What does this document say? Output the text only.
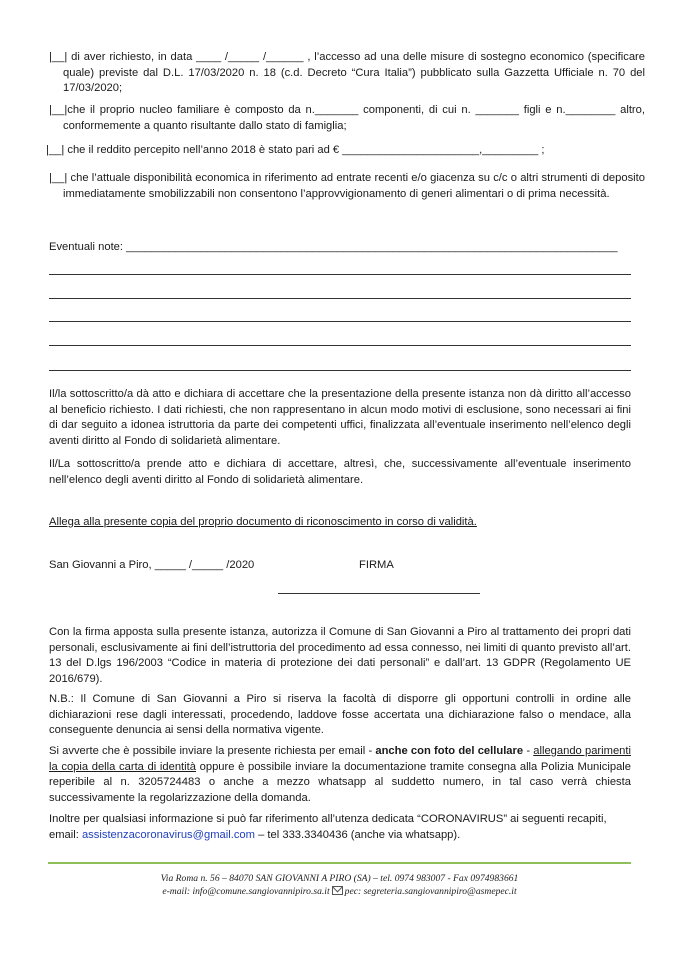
|__| di aver richiesto, in data ____ /_____ /______ , l’accesso ad una delle misure di sostegno economico (specificare quale) previste dal D.L. 17/03/2020 n. 18 (c.d. Decreto “Cura Italia”) pubblicato sulla Gazzetta Ufficiale n. 70 del 17/03/2020;
|__|che il proprio nucleo familiare è composto da n._______ componenti, di cui n. _______ figli e n.________ altro, conformemente a quanto risultante dallo stato di famiglia;
|__| che il reddito percepito nell’anno 2018 è stato pari ad € ______________________,_________ ;
|__| che l’attuale disponibilità economica in riferimento ad entrate recenti e/o giacenza su c/c o altri strumenti di deposito immediatamente smobilizzabili non consentono l’approvvigionamento di generi alimentari o di prima necessità.
Eventuali note: _______________________________________________________________________________
Il/la sottoscritto/a dà atto e dichiara di accettare che la presentazione della presente istanza non dà diritto all’accesso al beneficio richiesto. I dati richiesti, che non rappresentano in alcun modo motivi di esclusione, sono necessari ai fini di dar seguito a idonea istruttoria da parte dei competenti uffici, finalizzata all’eventuale inserimento nell’elenco degli aventi diritto al Fondo di solidarietà alimentare.
Il/La sottoscritto/a prende atto e dichiara di accettare, altresì, che, successivamente all’eventuale inserimento nell’elenco degli aventi diritto al Fondo di solidarietà alimentare.
Allega alla presente copia del proprio documento di riconoscimento in corso di validità.
San Giovanni a Piro, _____ /_____ /2020	FIRMA
Con la firma apposta sulla presente istanza, autorizza il Comune di San Giovanni a Piro al trattamento dei propri dati personali, esclusivamente ai fini dell’istruttoria del procedimento ad essa connesso, nei limiti di quanto previsto all’art. 13 del D.lgs 196/2003 “Codice in materia di protezione dei dati personali” e dall’art. 13 GDPR (Regolamento UE 2016/679).
N.B.: Il Comune di San Giovanni a Piro si riserva la facoltà di disporre gli opportuni controlli in ordine alle dichiarazioni rese dagli interessati, procedendo, laddove fosse accertata una dichiarazione falso o mendace, alla conseguente denuncia ai sensi della normativa vigente.
Si avverte che è possibile inviare la presente richiesta per email - anche con foto del cellulare - allegando parimenti la copia della carta di identità oppure è possibile inviare la documentazione tramite consegna alla Polizia Municipale reperibile al n. 3205724483 o anche a mezzo whatsapp al suddetto numero, in tal caso verrà chiesta successivamente la regolarizzazione della domanda.
Inoltre per qualsiasi informazione si può far riferimento all’utenza dedicata “CORONAVIRUS” ai seguenti recapiti,
email: assistenzacoronavirus@gmail.com – tel 333.3340436 (anche via whatsapp).
Via Roma n. 56 – 84070 SAN GIOVANNI A PIRO (SA) – tel. 0974 983007 - Fax 0974983661
e-mail: info@comune.sangiovannipiro.sa.it pec: segreteria.sangiovannipiro@asmepec.it
